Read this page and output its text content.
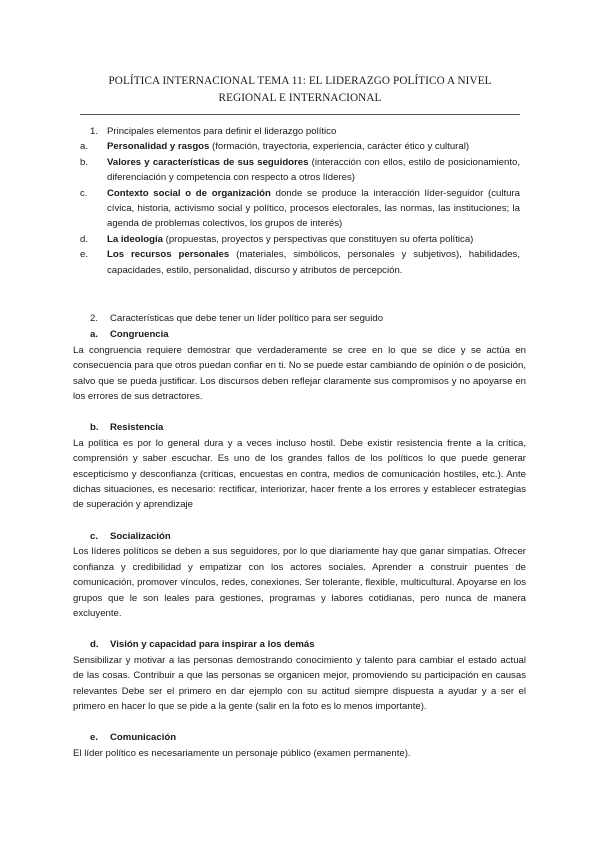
POLÍTICA INTERNACIONAL TEMA 11: EL LIDERAZGO POLÍTICO A NIVEL REGIONAL E INTERNACIONAL
1. Principales elementos para definir el liderazgo político
a.	Personalidad y rasgos (formación, trayectoria, experiencia, carácter ético y cultural)
b.	Valores y características de sus seguidores (interacción con ellos, estilo de posicionamiento, diferenciación y competencia con respecto a otros líderes)
c.	Contexto social o de organización donde se produce la interacción líder-seguidor (cultura cívica, historia, activismo social y político, procesos electorales, las normas, las instituciones; la agenda de problemas colectivos, los grupos de interés)
d.	La ideología (propuestas, proyectos y perspectivas que constituyen su oferta política)
e.	Los recursos personales (materiales, simbólicos, personales y subjetivos), habilidades, capacidades, estilo, personalidad, discurso y atributos de percepción.
2.	Características que debe tener un líder político para ser seguido
a.	Congruencia
La congruencia requiere demostrar que verdaderamente se cree en lo que se dice y se actúa en consecuencia para que otros puedan confiar en ti. No se puede estar cambiando de opinión o de posición, salvo que se pueda justificar. Los discursos deben reflejar claramente sus compromisos y no apoyarse en los errores de sus detractores.
b.	Resistencia
La política es por lo general dura y a veces incluso hostil. Debe existir resistencia frente a la crítica, comprensión y saber escuchar. Es uno de los grandes fallos de los políticos lo que puede generar escepticismo y desconfianza (críticas, encuestas en contra, medios de comunicación hostiles, etc.). Ante dichas situaciones, es necesario: rectificar, interiorizar, hacer frente a los errores y establecer estrategias de superación y aprendizaje
c.	Socialización
Los líderes políticos se deben a sus seguidores, por lo que diariamente hay que ganar simpatías. Ofrecer confianza y credibilidad y empatizar con los actores sociales. Aprender a construir puentes de comunicación, promover vínculos, redes, conexiones. Ser tolerante, flexible, multicultural. Apoyarse en los grupos que le son leales para gestiones, programas y labores cotidianas, pero nunca de manera excluyente.
d.	Visión y capacidad para inspirar a los demás
Sensibilizar y motivar a las personas demostrando conocimiento y talento para cambiar el estado actual de las cosas. Contribuir a que las personas se organicen mejor, promoviendo su participación en causas relevantes Debe ser el primero en dar ejemplo con su actitud siempre dispuesta a ayudar y a ser el primero en hacer lo que se pide a la gente (salir en la foto es lo menos importante).
e.	Comunicación
El líder político es necesariamente un personaje público (examen permanente).
